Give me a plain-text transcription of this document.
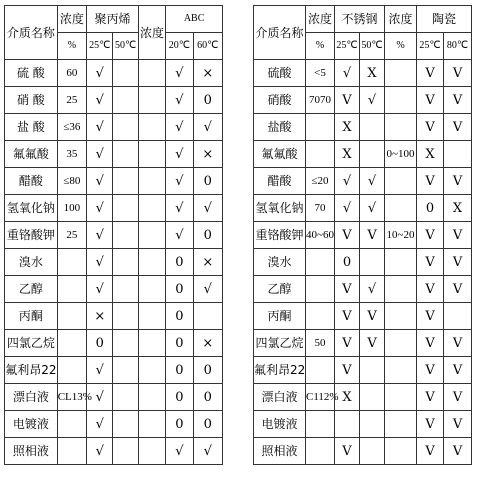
介质名称	浓度	聚丙烯		浓度	ABC	
	%	25℃	50℃		20℃	60℃
硫 酸	60	√			√	×
硝 酸	25	√			√	0
盐 酸	≤36	√			√	√
氟氟酸	35	√			√	×
醋酸	≤80	√			√	0
氢氧化钠	100	√			√	√
重铬酸钾	25	√			√	0
溴水		√			0	×
乙醇		√			0	√
丙酮		×			0	
四氯乙烷		0			0	×
氟利昂22		√			0	0
漂白液	CL13%	√			0	0
电镀液		√			0	0
照相液		√			√	√
介质名称	浓度	不锈钢		浓度	陶瓷	
	%	25℃	50℃	%	25℃	80℃
硫酸	<5	√	X		V	V
硝酸	7070	V	√		V	V
盐酸		X			V	V
氟氟酸		X		0~100	X	
醋酸	≤20	√	√		V	V
氢氧化钠	70	√	√		0	X
重铬酸钾	40~60	V	V	10~20	V	V
溴水		0			V	V
乙醇		V	√		V	V
丙酮		V	V		V	
四氯乙烷	50	V	V		V	V
氟利昂22		V			V	V
漂白液	C112%	X			V	V
电镀液					V	V
照相液		V			V	V
